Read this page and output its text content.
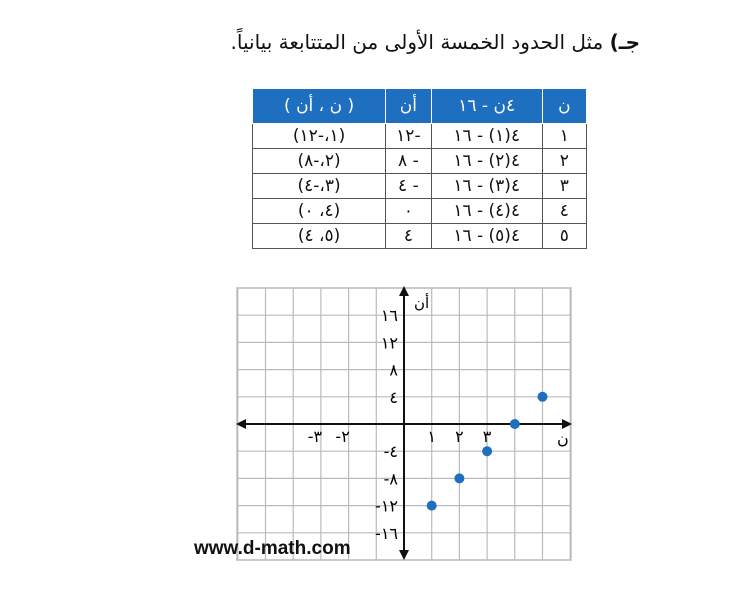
جـ) مثل الحدود الخمسة الأولى من المتتابعة بيانياً.
ن	٤ن - ١٦	أن	( ن ، أن )
١	٤(١) - ١٦	-١٢	(١،-١٢)
٢	٤(٢) - ١٦	- ٨	(٢،-٨)
٣	٤(٣) - ١٦	- ٤	(٣،-٤)
٤	٤(٤) - ١٦	٠	(٤، ٠)
٥	٤(٥) - ١٦	٤	(٥، ٤)
أن
ن
-٣ -٢	١ ٢ ٣
١٦
١٢
٨
٤
-٤
-٨
-١٢
-١٦
www.d-math.com
